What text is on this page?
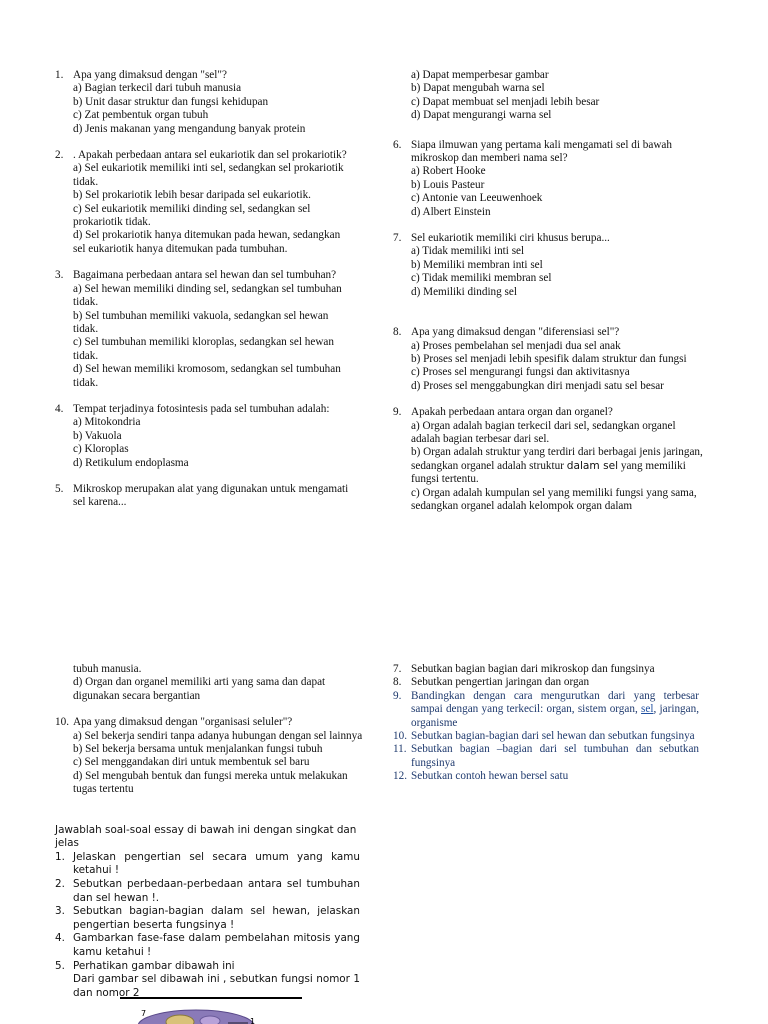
1. Apa yang dimaksud dengan "sel"?
a) Bagian terkecil dari tubuh manusia
b) Unit dasar struktur dan fungsi kehidupan
c) Zat pembentuk organ tubuh
d) Jenis makanan yang mengandung banyak protein
2. . Apakah perbedaan antara sel eukariotik dan sel prokariotik?
a) Sel eukariotik memiliki inti sel, sedangkan sel prokariotik tidak.
b) Sel prokariotik lebih besar daripada sel eukariotik.
c) Sel eukariotik memiliki dinding sel, sedangkan sel prokariotik tidak.
d) Sel prokariotik hanya ditemukan pada hewan, sedangkan sel eukariotik hanya ditemukan pada tumbuhan.
3. Bagaimana perbedaan antara sel hewan dan sel tumbuhan?
a) Sel hewan memiliki dinding sel, sedangkan sel tumbuhan tidak.
b) Sel tumbuhan memiliki vakuola, sedangkan sel hewan tidak.
c) Sel tumbuhan memiliki kloroplas, sedangkan sel hewan tidak.
d) Sel hewan memiliki kromosom, sedangkan sel tumbuhan tidak.
4. Tempat terjadinya fotosintesis pada sel tumbuhan adalah:
a) Mitokondria
b) Vakuola
c) Kloroplas
d) Retikulum endoplasma
5. Mikroskop merupakan alat yang digunakan untuk mengamati sel karena...
a) Dapat memperbesar gambar
b) Dapat mengubah warna sel
c) Dapat membuat sel menjadi lebih besar
d) Dapat mengurangi warna sel
6. Siapa ilmuwan yang pertama kali mengamati sel di bawah mikroskop dan memberi nama sel?
a) Robert Hooke
b) Louis Pasteur
c) Antonie van Leeuwenhoek
d) Albert Einstein
7. Sel eukariotik memiliki ciri khusus berupa...
a) Tidak memiliki inti sel
b) Memiliki membran inti sel
c) Tidak memiliki membran sel
d) Memiliki dinding sel
8. Apa yang dimaksud dengan "diferensiasi sel"?
a) Proses pembelahan sel menjadi dua sel anak
b) Proses sel menjadi lebih spesifik dalam struktur dan fungsi
c) Proses sel mengurangi fungsi dan aktivitasnya
d) Proses sel menggabungkan diri menjadi satu sel besar
9. Apakah perbedaan antara organ dan organel?
a) Organ adalah bagian terkecil dari sel, sedangkan organel adalah bagian terbesar dari sel.
b) Organ adalah struktur yang terdiri dari berbagai jenis jaringan, sedangkan organel adalah struktur dalam sel yang memiliki fungsi tertentu.
c) Organ adalah kumpulan sel yang memiliki fungsi yang sama, sedangkan organel adalah kelompok organ dalam
tubuh manusia.
d) Organ dan organel memiliki arti yang sama dan dapat digunakan secara bergantian
10. Apa yang dimaksud dengan "organisasi seluler"?
a) Sel bekerja sendiri tanpa adanya hubungan dengan sel lainnya
b) Sel bekerja bersama untuk menjalankan fungsi tubuh
c) Sel menggandakan diri untuk membentuk sel baru
d) Sel mengubah bentuk dan fungsi mereka untuk melakukan tugas tertentu
Jawablah soal-soal essay di bawah ini dengan singkat dan jelas
1. Jelaskan pengertian sel secara umum yang kamu ketahui !
2. Sebutkan perbedaan-perbedaan antara sel tumbuhan dan sel hewan !.
3. Sebutkan bagian-bagian dalam sel hewan, jelaskan pengertian beserta fungsinya !
4. Gambarkan fase-fase dalam pembelahan mitosis yang kamu ketahui !
5. Perhatikan gambar dibawah ini
Dari gambar sel dibawah ini , sebutkan fungsi nomor 1 dan nomor 2
7
1
7. Sebutkan bagian bagian dari mikroskop dan fungsinya
8. Sebutkan pengertian jaringan dan organ
9. Bandingkan dengan cara mengurutkan dari yang terbesar sampai dengan yang terkecil: organ, sistem organ, sel, jaringan, organisme
10. Sebutkan bagian-bagian dari sel hewan dan sebutkan fungsinya
11. Sebutkan bagian –bagian dari sel tumbuhan dan sebutkan fungsinya
12. Sebutkan contoh hewan bersel satu
